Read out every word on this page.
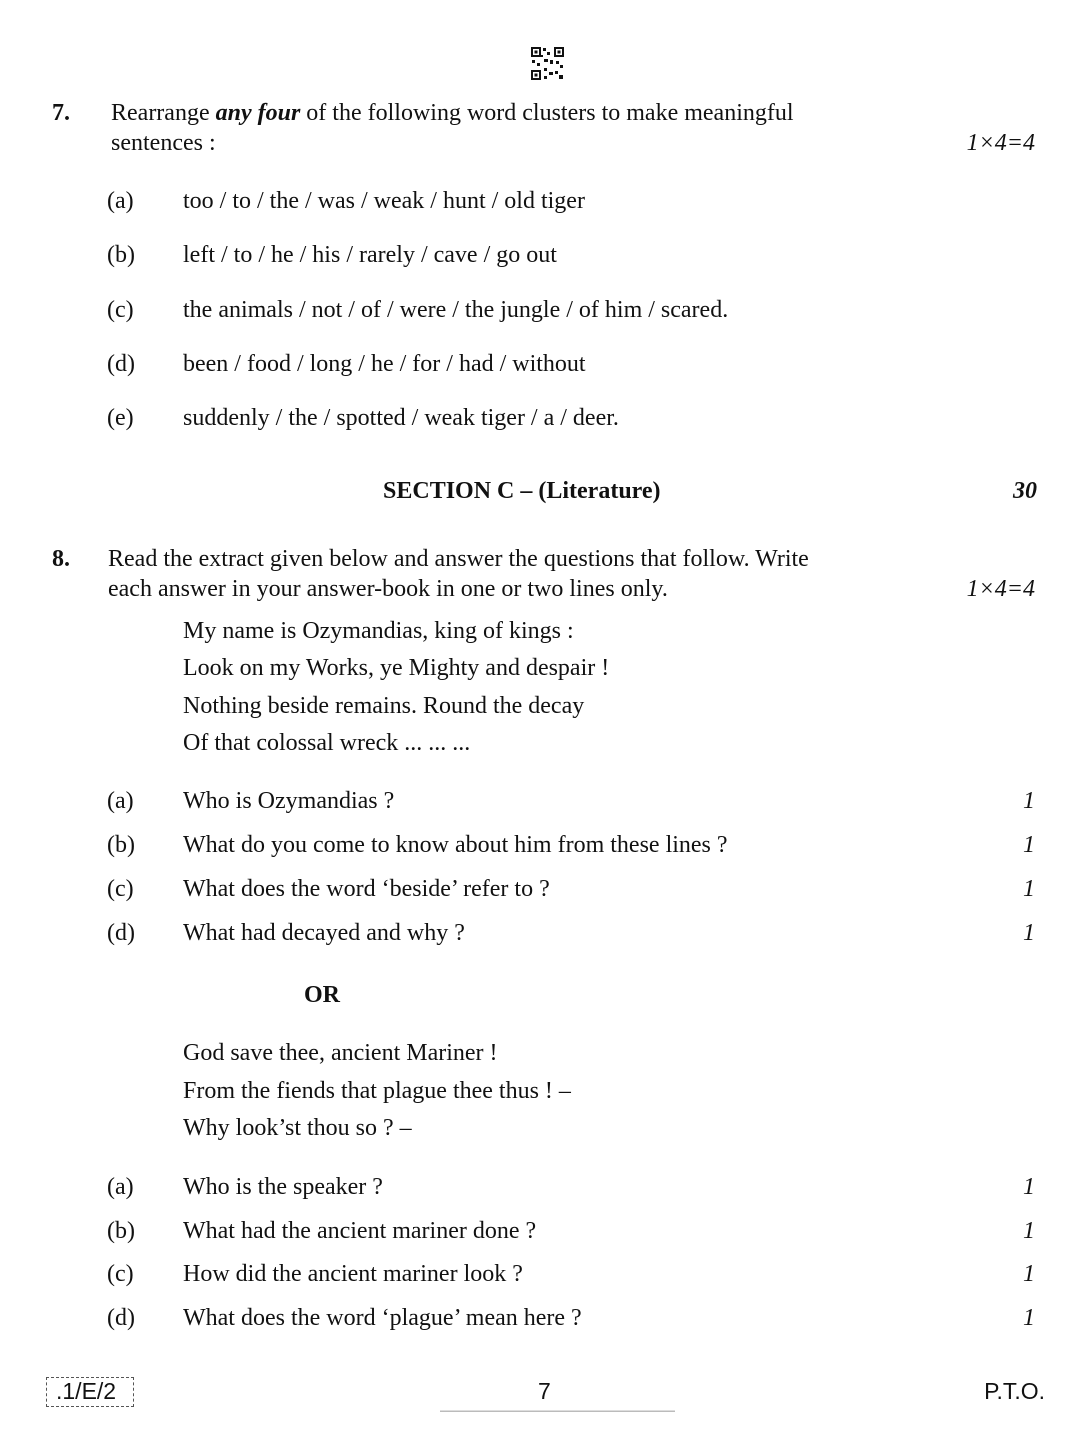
7. Rearrange any four of the following word clusters to make meaningful
sentences :	1×4=4
(a) too / to / the / was / weak / hunt / old tiger
(b) left / to / he / his / rarely / cave / go out
(c) the animals / not / of / were / the jungle / of him / scared.
(d) been / food / long / he / for / had / without
(e) suddenly / the / spotted / weak tiger / a / deer.
SECTION C – (Literature)	30
8. Read the extract given below and answer the questions that follow. Write
each answer in your answer-book in one or two lines only.	1×4=4
My name is Ozymandias, king of kings :
Look on my Works, ye Mighty and despair !
Nothing beside remains. Round the decay
Of that colossal wreck ... ... ...
(a) Who is Ozymandias ?	1
(b) What do you come to know about him from these lines ?	1
(c) What does the word ‘beside’ refer to ?	1
(d) What had decayed and why ?	1
OR
God save thee, ancient Mariner !
From the fiends that plague thee thus ! –
Why look’st thou so ? –
(a) Who is the speaker ?	1
(b) What had the ancient mariner done ?	1
(c) How did the ancient mariner look ?	1
(d) What does the word ‘plague’ mean here ?	1
.1/E/2	7	P.T.O.
